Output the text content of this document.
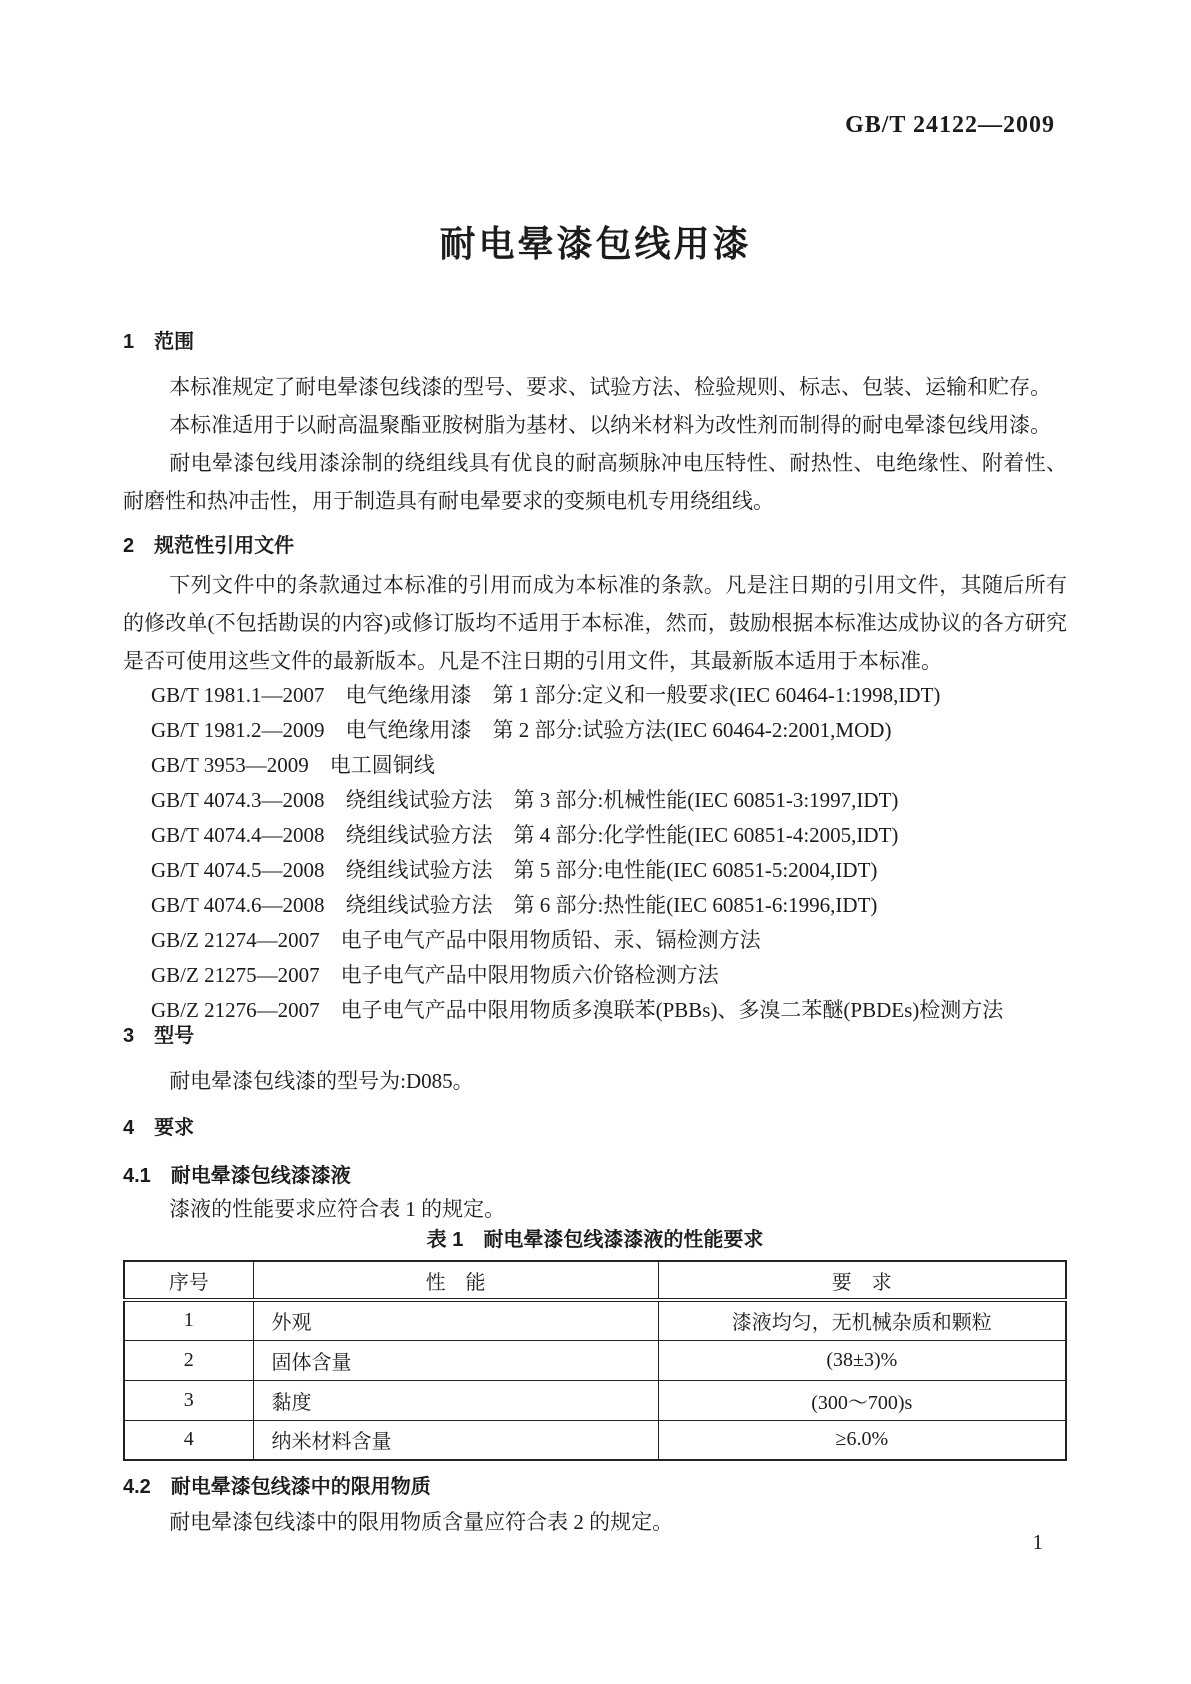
GB/T 24122—2009
耐电晕漆包线用漆
1　范围

本标准规定了耐电晕漆包线漆的型号、要求、试验方法、检验规则、标志、包装、运输和贮存。

本标准适用于以耐高温聚酯亚胺树脂为基材、以纳米材料为改性剂而制得的耐电晕漆包线用漆。

耐电晕漆包线用漆涂制的绕组线具有优良的耐高频脉冲电压特性、耐热性、电绝缘性、附着性、耐磨性和热冲击性，用于制造具有耐电晕要求的变频电机专用绕组线。

2　规范性引用文件

下列文件中的条款通过本标准的引用而成为本标准的条款。凡是注日期的引用文件，其随后所有的修改单(不包括勘误的内容)或修订版均不适用于本标准，然而，鼓励根据本标准达成协议的各方研究是否可使用这些文件的最新版本。凡是不注日期的引用文件，其最新版本适用于本标准。

GB/T 1981.1—2007　电气绝缘用漆　第 1 部分:定义和一般要求(IEC 60464-1:1998,IDT)
GB/T 1981.2—2009　电气绝缘用漆　第 2 部分:试验方法(IEC 60464-2:2001,MOD)
GB/T 3953—2009　电工圆铜线
GB/T 4074.3—2008　绕组线试验方法　第 3 部分:机械性能(IEC 60851-3:1997,IDT)
GB/T 4074.4—2008　绕组线试验方法　第 4 部分:化学性能(IEC 60851-4:2005,IDT)
GB/T 4074.5—2008　绕组线试验方法　第 5 部分:电性能(IEC 60851-5:2004,IDT)
GB/T 4074.6—2008　绕组线试验方法　第 6 部分:热性能(IEC 60851-6:1996,IDT)
GB/Z 21274—2007　电子电气产品中限用物质铅、汞、镉检测方法
GB/Z 21275—2007　电子电气产品中限用物质六价铬检测方法
GB/Z 21276—2007　电子电气产品中限用物质多溴联苯(PBBs)、多溴二苯醚(PBDEs)检测方法
3　型号

耐电晕漆包线漆的型号为:D085。

4　要求
4.1　耐电晕漆包线漆漆液

漆液的性能要求应符合表 1 的规定。

表 1　耐电晕漆包线漆漆液的性能要求
序号	性　能	要　求
1	外观	漆液均匀，无机械杂质和颗粒
2	固体含量	(38±3)%
3	黏度	(300～700)s
4	纳米材料含量	≥6.0%
4.2　耐电晕漆包线漆中的限用物质

耐电晕漆包线漆中的限用物质含量应符合表 2 的规定。

1
